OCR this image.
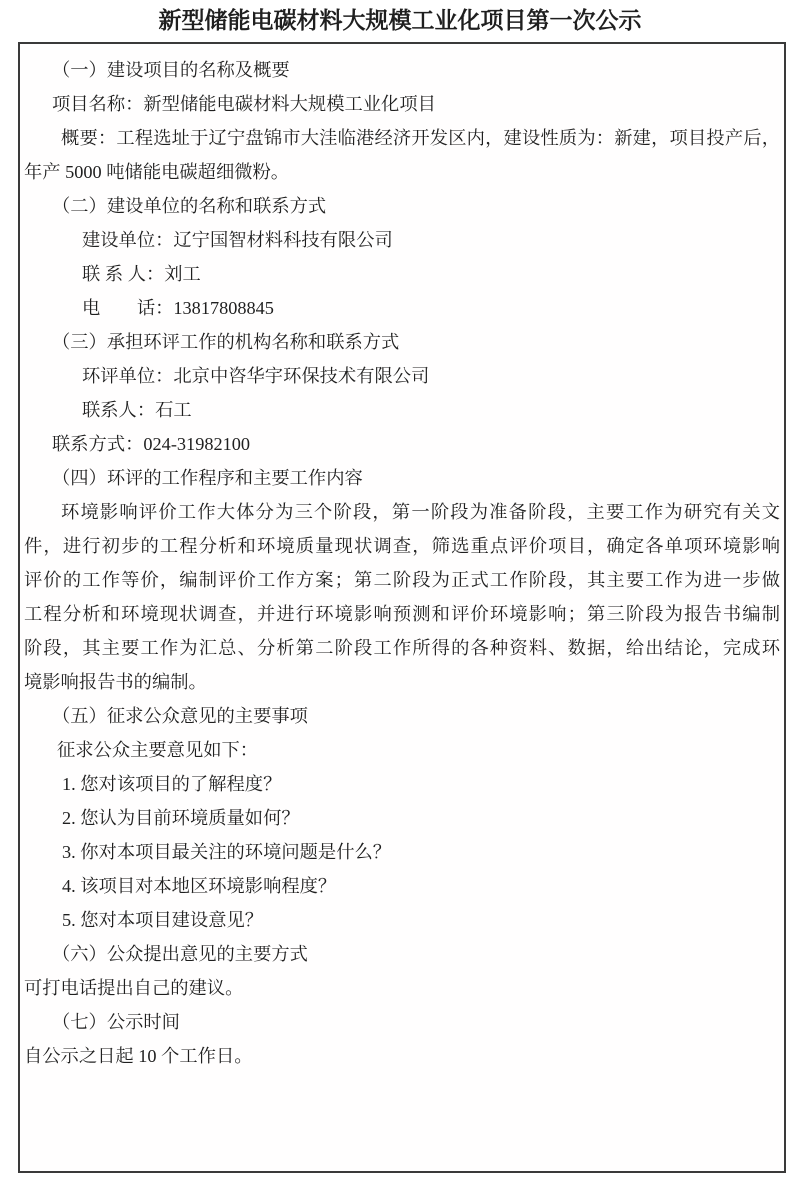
新型储能电碳材料大规模工业化项目第一次公示
（一）建设项目的名称及概要
项目名称：新型储能电碳材料大规模工业化项目
概要：工程选址于辽宁盘锦市大洼临港经济开发区内，建设性质为：新建，项目投产后，
年产 5000 吨储能电碳超细微粉。
（二）建设单位的名称和联系方式
建设单位：辽宁国智材料科技有限公司
联 系 人：刘工
电　　话：13817808845
（三）承担环评工作的机构名称和联系方式
环评单位：北京中咨华宇环保技术有限公司
联系人：石工
联系方式：024-31982100
（四）环评的工作程序和主要工作内容
环境影响评价工作大体分为三个阶段，第一阶段为准备阶段，主要工作为研究有关文
件，进行初步的工程分析和环境质量现状调查，筛选重点评价项目，确定各单项环境影响
评价的工作等价，编制评价工作方案；第二阶段为正式工作阶段，其主要工作为进一步做
工程分析和环境现状调查，并进行环境影响预测和评价环境影响；第三阶段为报告书编制
阶段，其主要工作为汇总、分析第二阶段工作所得的各种资料、数据，给出结论，完成环
境影响报告书的编制。
（五）征求公众意见的主要事项
征求公众主要意见如下：
1. 您对该项目的了解程度？
2. 您认为目前环境质量如何？
3. 你对本项目最关注的环境问题是什么？
4. 该项目对本地区环境影响程度？
5. 您对本项目建设意见？
（六）公众提出意见的主要方式
可打电话提出自己的建议。
（七）公示时间
自公示之日起 10 个工作日。
